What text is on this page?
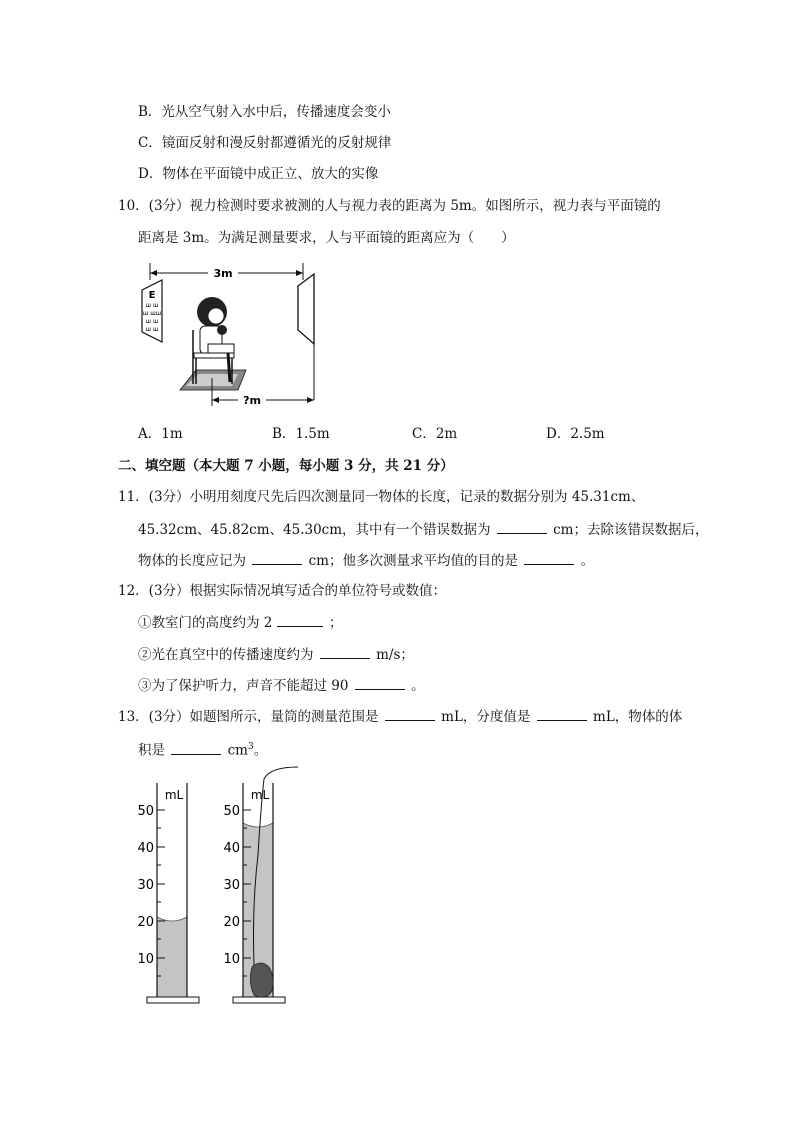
B．光从空气射入水中后，传播速度会变小
C．镜面反射和漫反射都遵循光的反射规律
D．物体在平面镜中成正立、放大的实像
10．(3分）视力检测时要求被测的人与视力表的距离为 5m。如图所示，视力表与平面镜的
距离是 3m。为满足测量要求，人与平面镜的距离应为（　　）
3m
E
ш ш
ш шш
ш ш
ш ш
?m
A．1m	B．1.5m	C．2m	D．2.5m
二、填空题（本大题 7 小题，每小题 3 分，共 21 分）
11．(3分）小明用刻度尺先后四次测量同一物体的长度，记录的数据分别为 45.31cm、
45.32cm、45.82cm、45.30cm，其中有一个错误数据为	cm；去除该错误数据后，
物体的长度应记为	cm；他多次测量求平均值的目的是	。
12．(3分）根据实际情况填写适合的单位符号或数值：
①教室门的高度约为 2	；
②光在真空中的传播速度约为	m/s；
③为了保护听力，声音不能超过 90	。
13．(3分）如题图所示，量筒的测量范围是	mL，分度值是	mL，物体的体
积是	$cm^3$。
mL
50
40
30
20
10
mL
50
40
30
20
10
